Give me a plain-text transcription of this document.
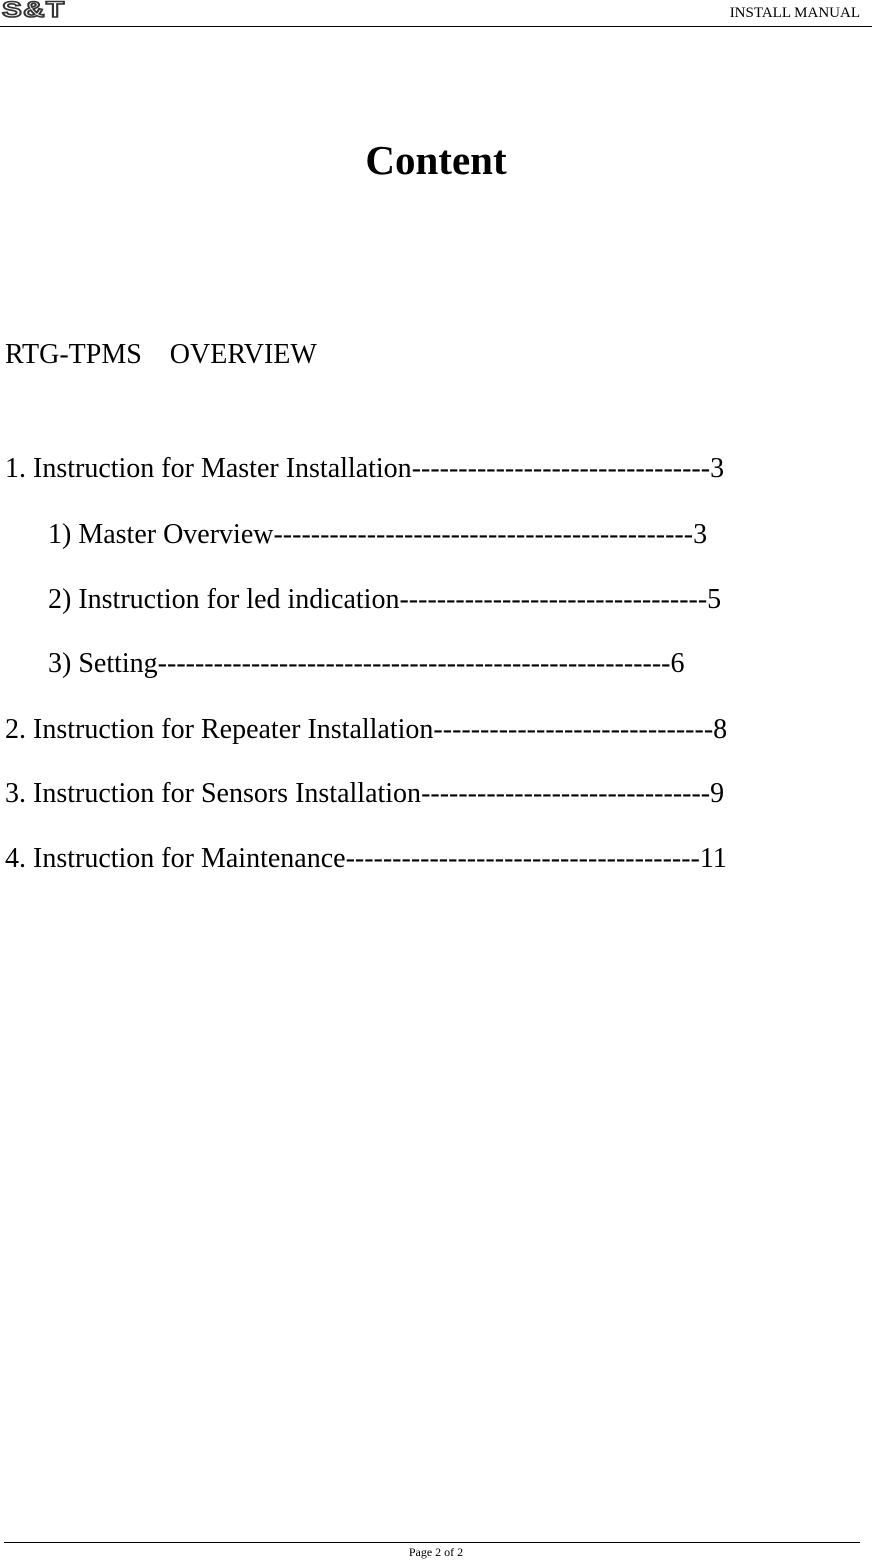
S&T	INSTALL MANUAL
Content
RTG-TPMS    OVERVIEW
1. Instruction for Master Installation--------------------------------3
1) Master Overview---------------------------------------------3
2) Instruction for led indication---------------------------------5
3) Setting-------------------------------------------------------6
2. Instruction for Repeater Installation------------------------------8
3. Instruction for Sensors Installation-------------------------------9
4. Instruction for Maintenance--------------------------------------11
Page 2 of 2
